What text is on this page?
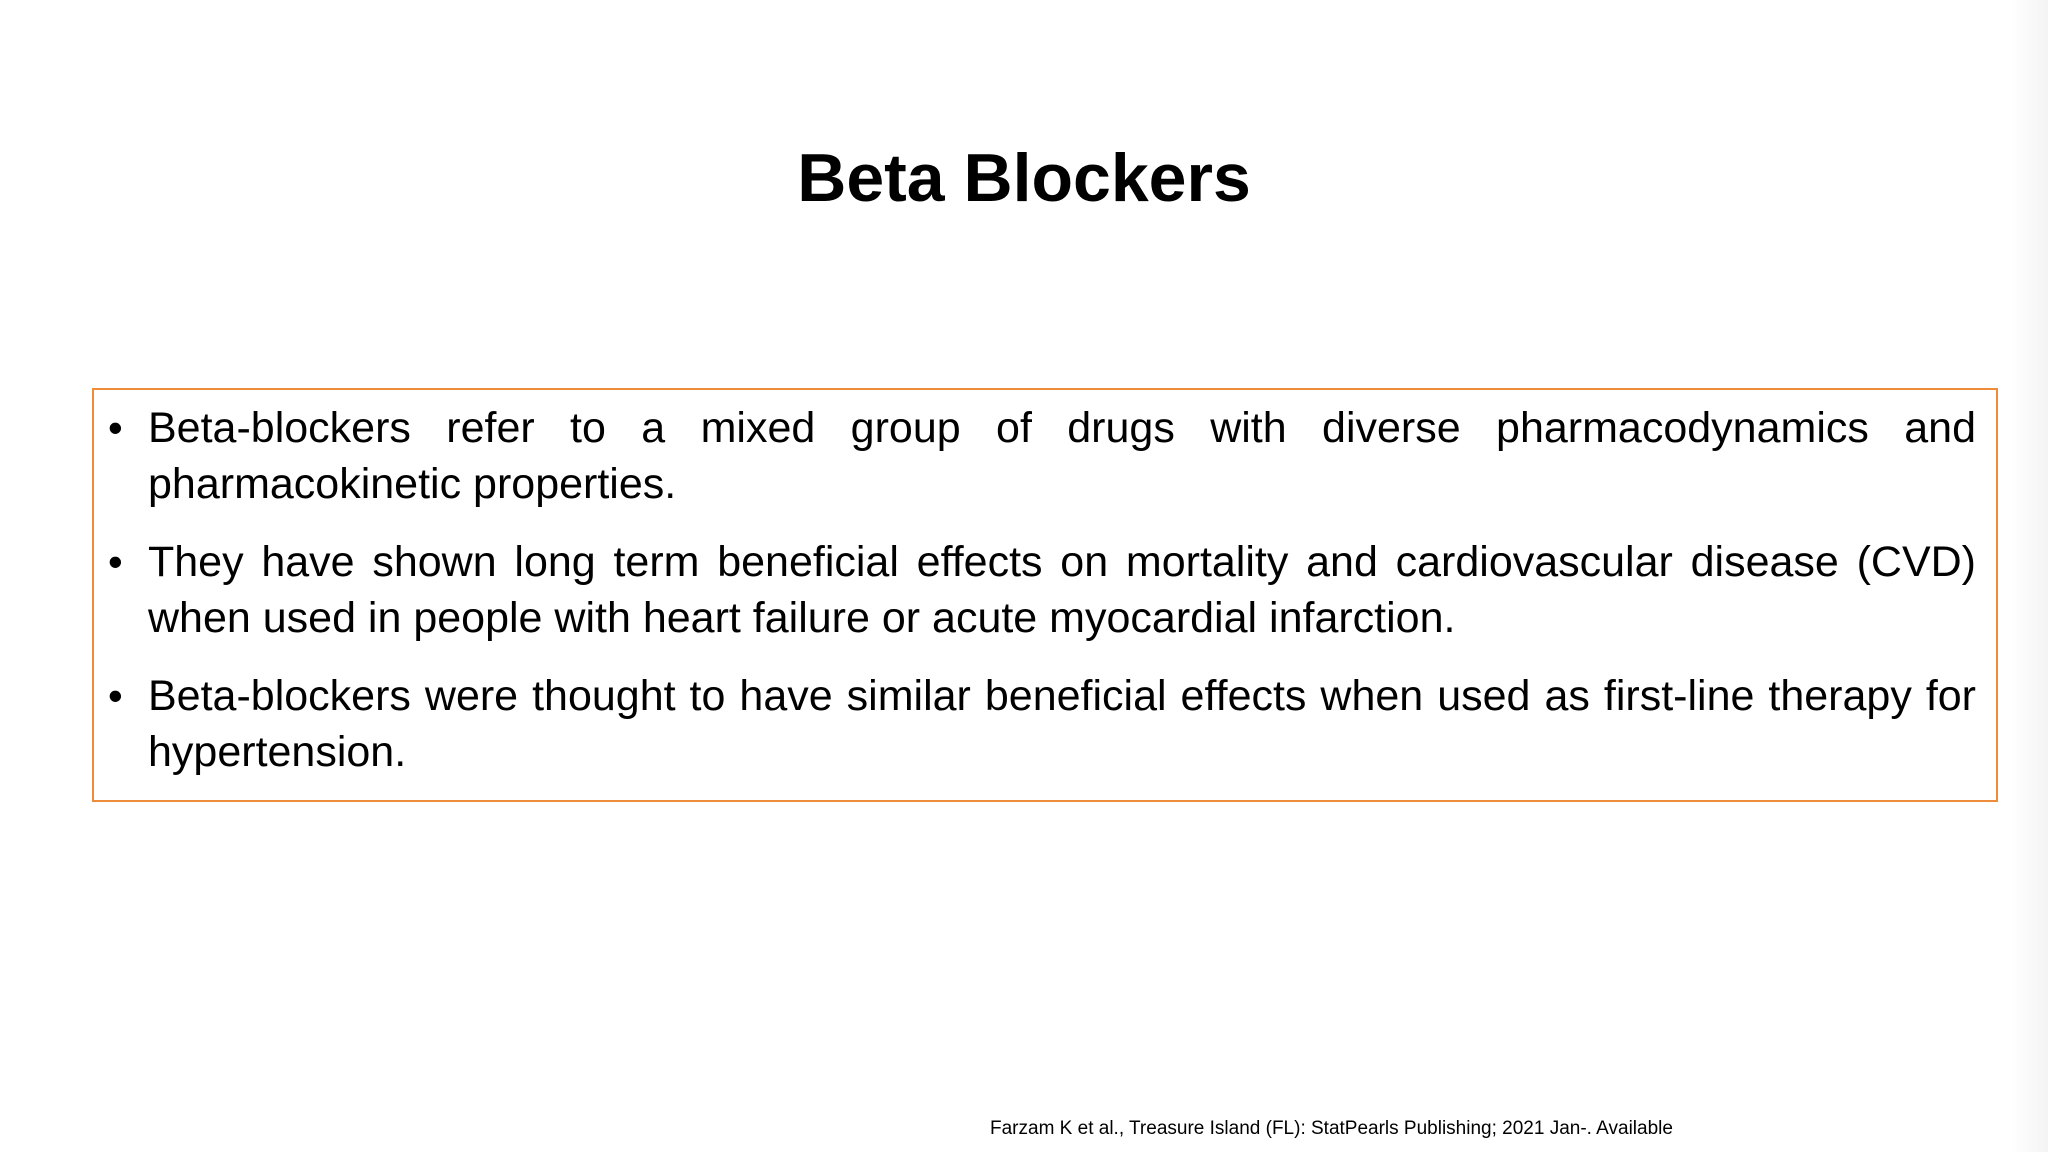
Beta Blockers
• Beta-blockers refer to a mixed group of drugs with diverse pharmacodynamics and pharmacokinetic properties.
• They have shown long term beneficial effects on mortality and cardiovascular disease (CVD) when used in people with heart failure or acute myocardial infarction.
• Beta-blockers were thought to have similar beneficial effects when used as first-line therapy for hypertension.
Farzam K et al., Treasure Island (FL): StatPearls Publishing; 2021 Jan-. Available
